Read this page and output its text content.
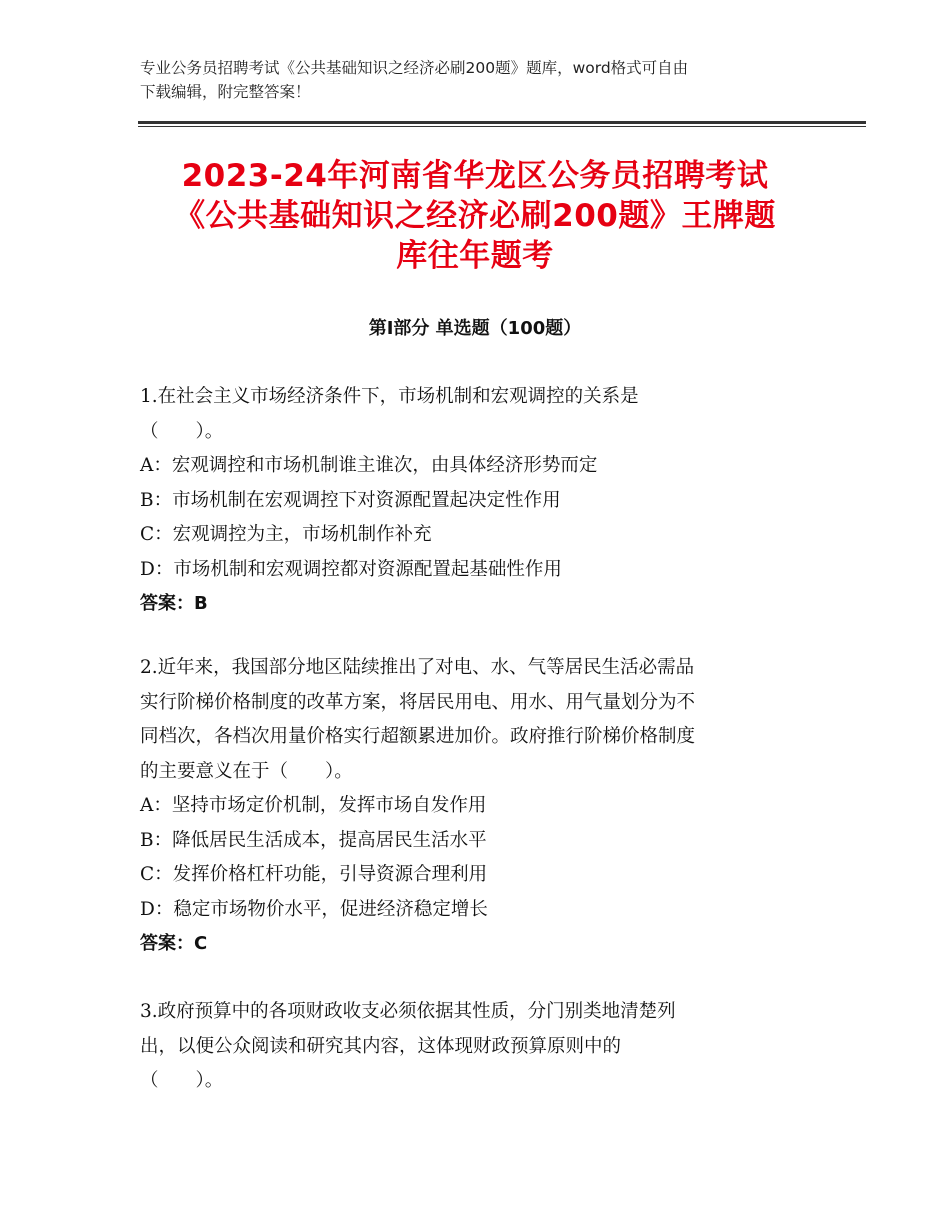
专业公务员招聘考试《公共基础知识之经济必刷200题》题库，word格式可自由
下载编辑，附完整答案！
2023-24年河南省华龙区公务员招聘考试
《公共基础知识之经济必刷200题》王牌题
库往年题考
第Ⅰ部分 单选题（100题）
1.在社会主义市场经济条件下，市场机制和宏观调控的关系是
（　　）。
A：宏观调控和市场机制谁主谁次，由具体经济形势而定
B：市场机制在宏观调控下对资源配置起决定性作用
C：宏观调控为主，市场机制作补充
D：市场机制和宏观调控都对资源配置起基础性作用
答案：B
2.近年来，我国部分地区陆续推出了对电、水、气等居民生活必需品
实行阶梯价格制度的改革方案，将居民用电、用水、用气量划分为不
同档次，各档次用量价格实行超额累进加价。政府推行阶梯价格制度
的主要意义在于（　　）。
A：坚持市场定价机制，发挥市场自发作用
B：降低居民生活成本，提高居民生活水平
C：发挥价格杠杆功能，引导资源合理利用
D：稳定市场物价水平，促进经济稳定增长
答案：C
3.政府预算中的各项财政收支必须依据其性质，分门别类地清楚列
出，以便公众阅读和研究其内容，这体现财政预算原则中的
（　　）。
